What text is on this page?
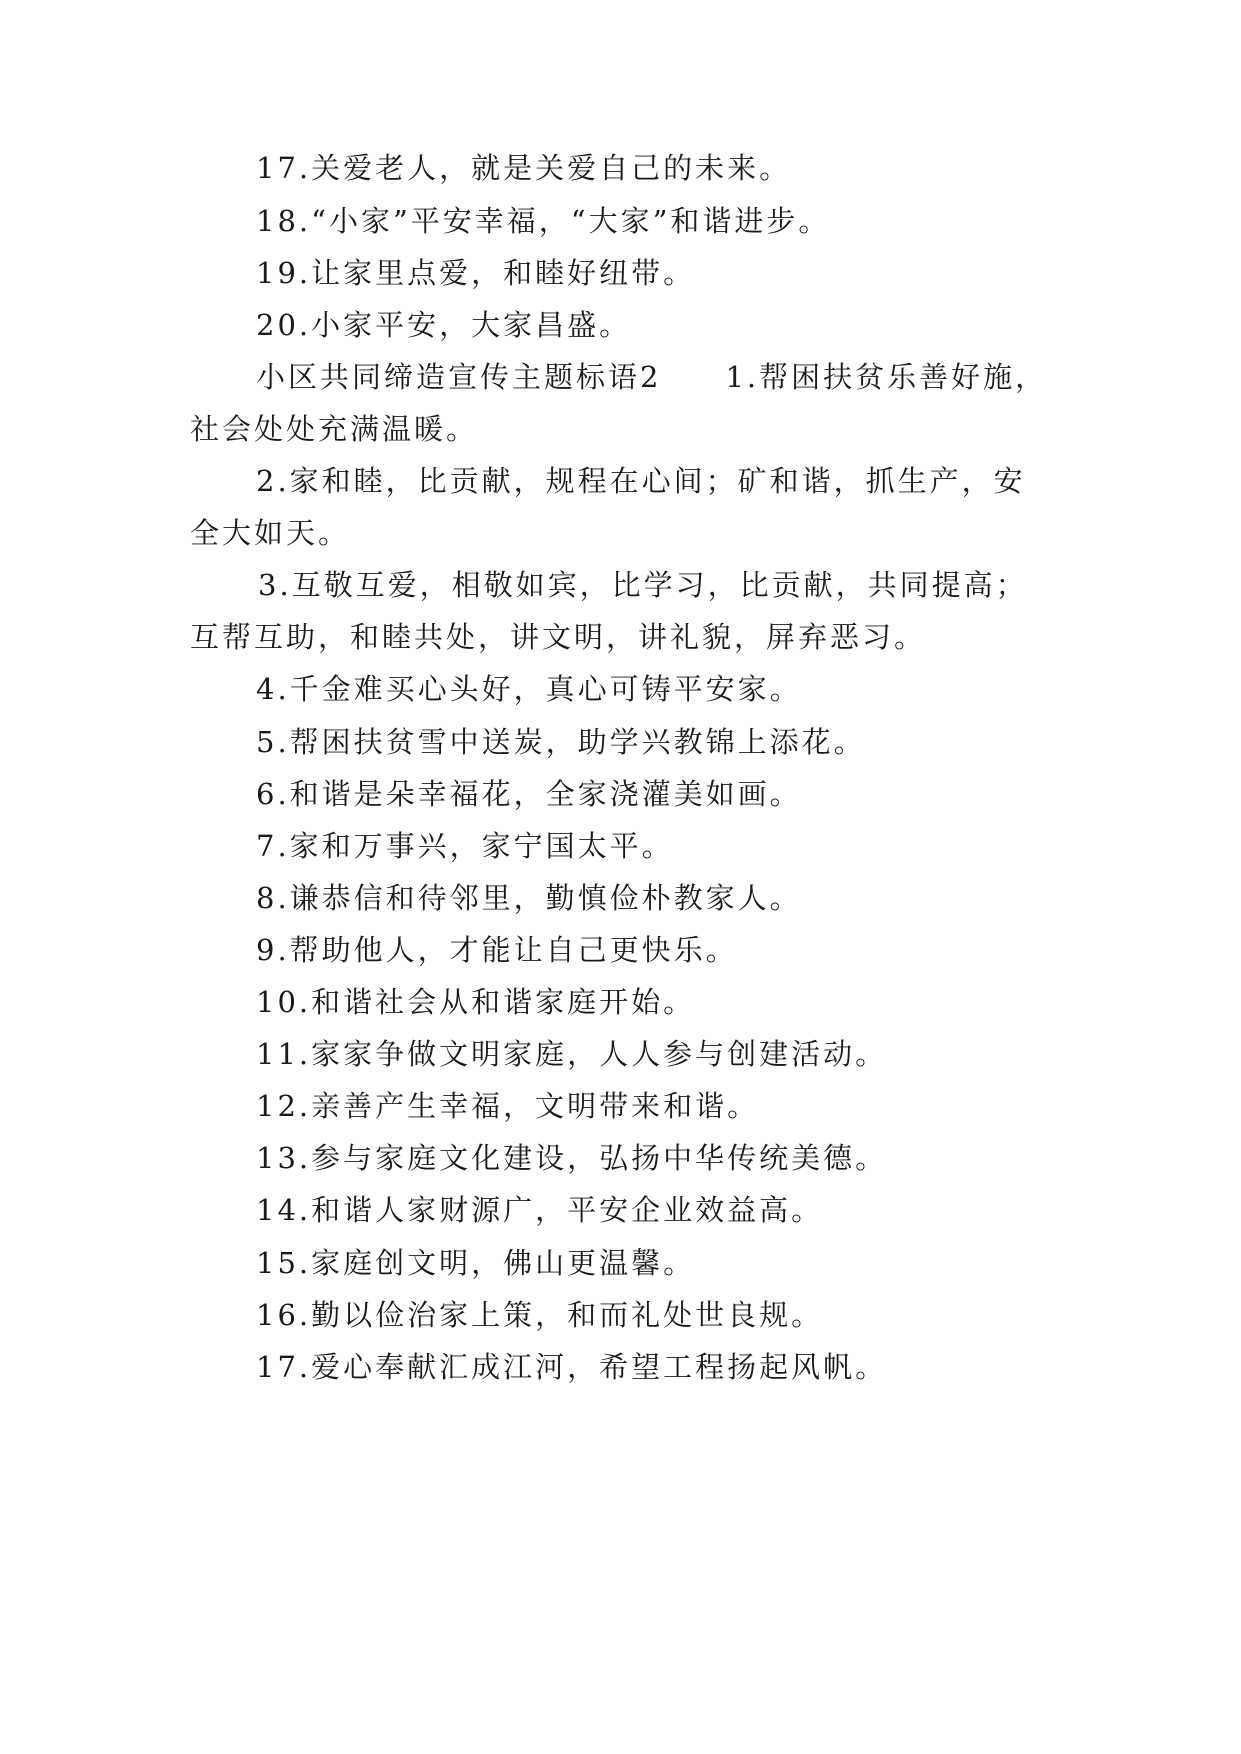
17.关爱老人，就是关爱自己的未来。
18.“小家”平安幸福，“大家”和谐进步。
19.让家里点爱，和睦好纽带。
20.小家平安，大家昌盛。
小区共同缔造宣传主题标语2　　1.帮困扶贫乐善好施，
社会处处充满温暖。
2.家和睦，比贡献，规程在心间；矿和谐，抓生产，安
全大如天。
3.互敬互爱，相敬如宾，比学习，比贡献，共同提高；
互帮互助，和睦共处，讲文明，讲礼貌，屏弃恶习。
4.千金难买心头好，真心可铸平安家。
5.帮困扶贫雪中送炭，助学兴教锦上添花。
6.和谐是朵幸福花，全家浇灌美如画。
7.家和万事兴，家宁国太平。
8.谦恭信和待邻里，勤慎俭朴教家人。
9.帮助他人，才能让自己更快乐。
10.和谐社会从和谐家庭开始。
11.家家争做文明家庭，人人参与创建活动。
12.亲善产生幸福，文明带来和谐。
13.参与家庭文化建设，弘扬中华传统美德。
14.和谐人家财源广，平安企业效益高。
15.家庭创文明，佛山更温馨。
16.勤以俭治家上策，和而礼处世良规。
17.爱心奉献汇成江河，希望工程扬起风帆。
